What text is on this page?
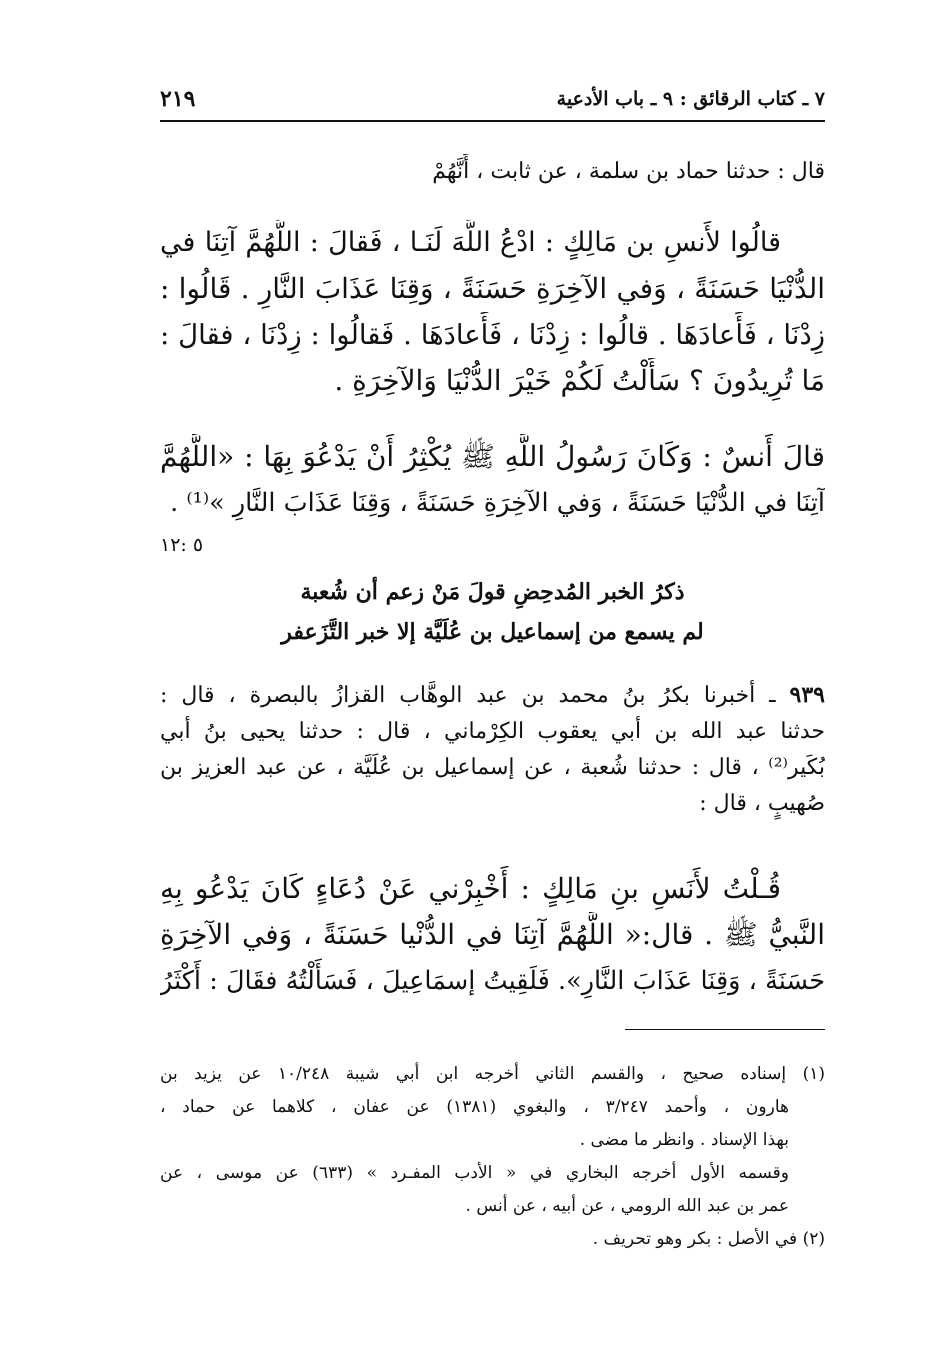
٧ ـ كتاب الرقائق : ٩ ـ باب الأدعية
٢١٩
قال : حدثنا حماد بن سلمة ، عن ثابت ، أَنَّهُمْ
قالُوا لأَنسِ بن مَالِكٍ : ادْعُ اللَّهَ لَنَـا ، فَقالَ : اللَّهُمَّ آتِنَا في
الدُّنْيَا حَسَنَةً ، وَفي الآخِرَةِ حَسَنَةً ، وَقِنَا عَذَابَ النَّارِ . قَالُوا :
زِدْنَا ، فَأَعادَهَا . قالُوا : زِدْنَا ، فَأَعادَهَا . فَقالُوا : زِدْنَا ، فقالَ :
مَا تُرِيدُونَ ؟ سَأَلْتُ لَكُمْ خَيْرَ الدُّنْيَا وَالآخِرَةِ .
قالَ أَنسٌ : وَكَانَ رَسُولُ اللَّهِ ﷺ يُكْثِرُ أَنْ يَدْعُوَ بِهَا : «اللَّهُمَّ
آتِنَا في الدُّنْيَا حَسَنَةً ، وَفي الآخِرَةِ حَسَنَةً ، وَقِنَا عَذَابَ النَّارِ »⁽¹⁾ .
٥ :١٢
ذكرُ الخبر المُدحِضِ قولَ مَنْ زعم أن شُعبة
لم يسمع من إسماعيل بن عُلَيَّة إلا خبر التَّزَعفر
٩٣٩ ـ أخبرنا بكرُ بنُ محمد بن عبد الوهَّاب القزازُ بالبصرة ، قال :
حدثنا عبد الله بن أبي يعقوب الكِرْماني ، قال : حدثنا يحيى بنُ أبي
بُكَير⁽²⁾ ، قال : حدثنا شُعبة ، عن إسماعيل بن عُلَيَّة ، عن عبد العزيز بن
صُهيبٍ ، قال :
قُـلْتُ لأَنَسِ بنِ مَالِكٍ : أَخْبِرْني عَنْ دُعَاءٍ كَانَ يَدْعُو بِهِ
النَّبيُّ ﷺ . قال:« اللَّهُمَّ آتِنَا في الدُّنْيا حَسَنَةً ، وَفي الآخِرَةِ
حَسَنَةً ، وَقِنَا عَذَابَ النَّارِ». فَلَقِيتُ إسمَاعِيلَ ، فَسَأَلْتُهُ فقَالَ : أَكْثَرُ
(١) إسناده صحيح ، والقسم الثاني أخرجه ابن أبي شيبة ١٠/٢٤٨ عن يزيد بن
هارون ، وأحمد ٣/٢٤٧ ، والبغوي (١٣٨١) عن عفان ، كلاهما عن حماد ،
بهذا الإسناد . وانظر ما مضى .
وقسمه الأول أخرجه البخاري في « الأدب المفـرد » (٦٣٣) عن موسى ، عن
عمر بن عبد الله الرومي ، عن أبيه ، عن أنس .
(٢) في الأصل : بكر وهو تحريف .
